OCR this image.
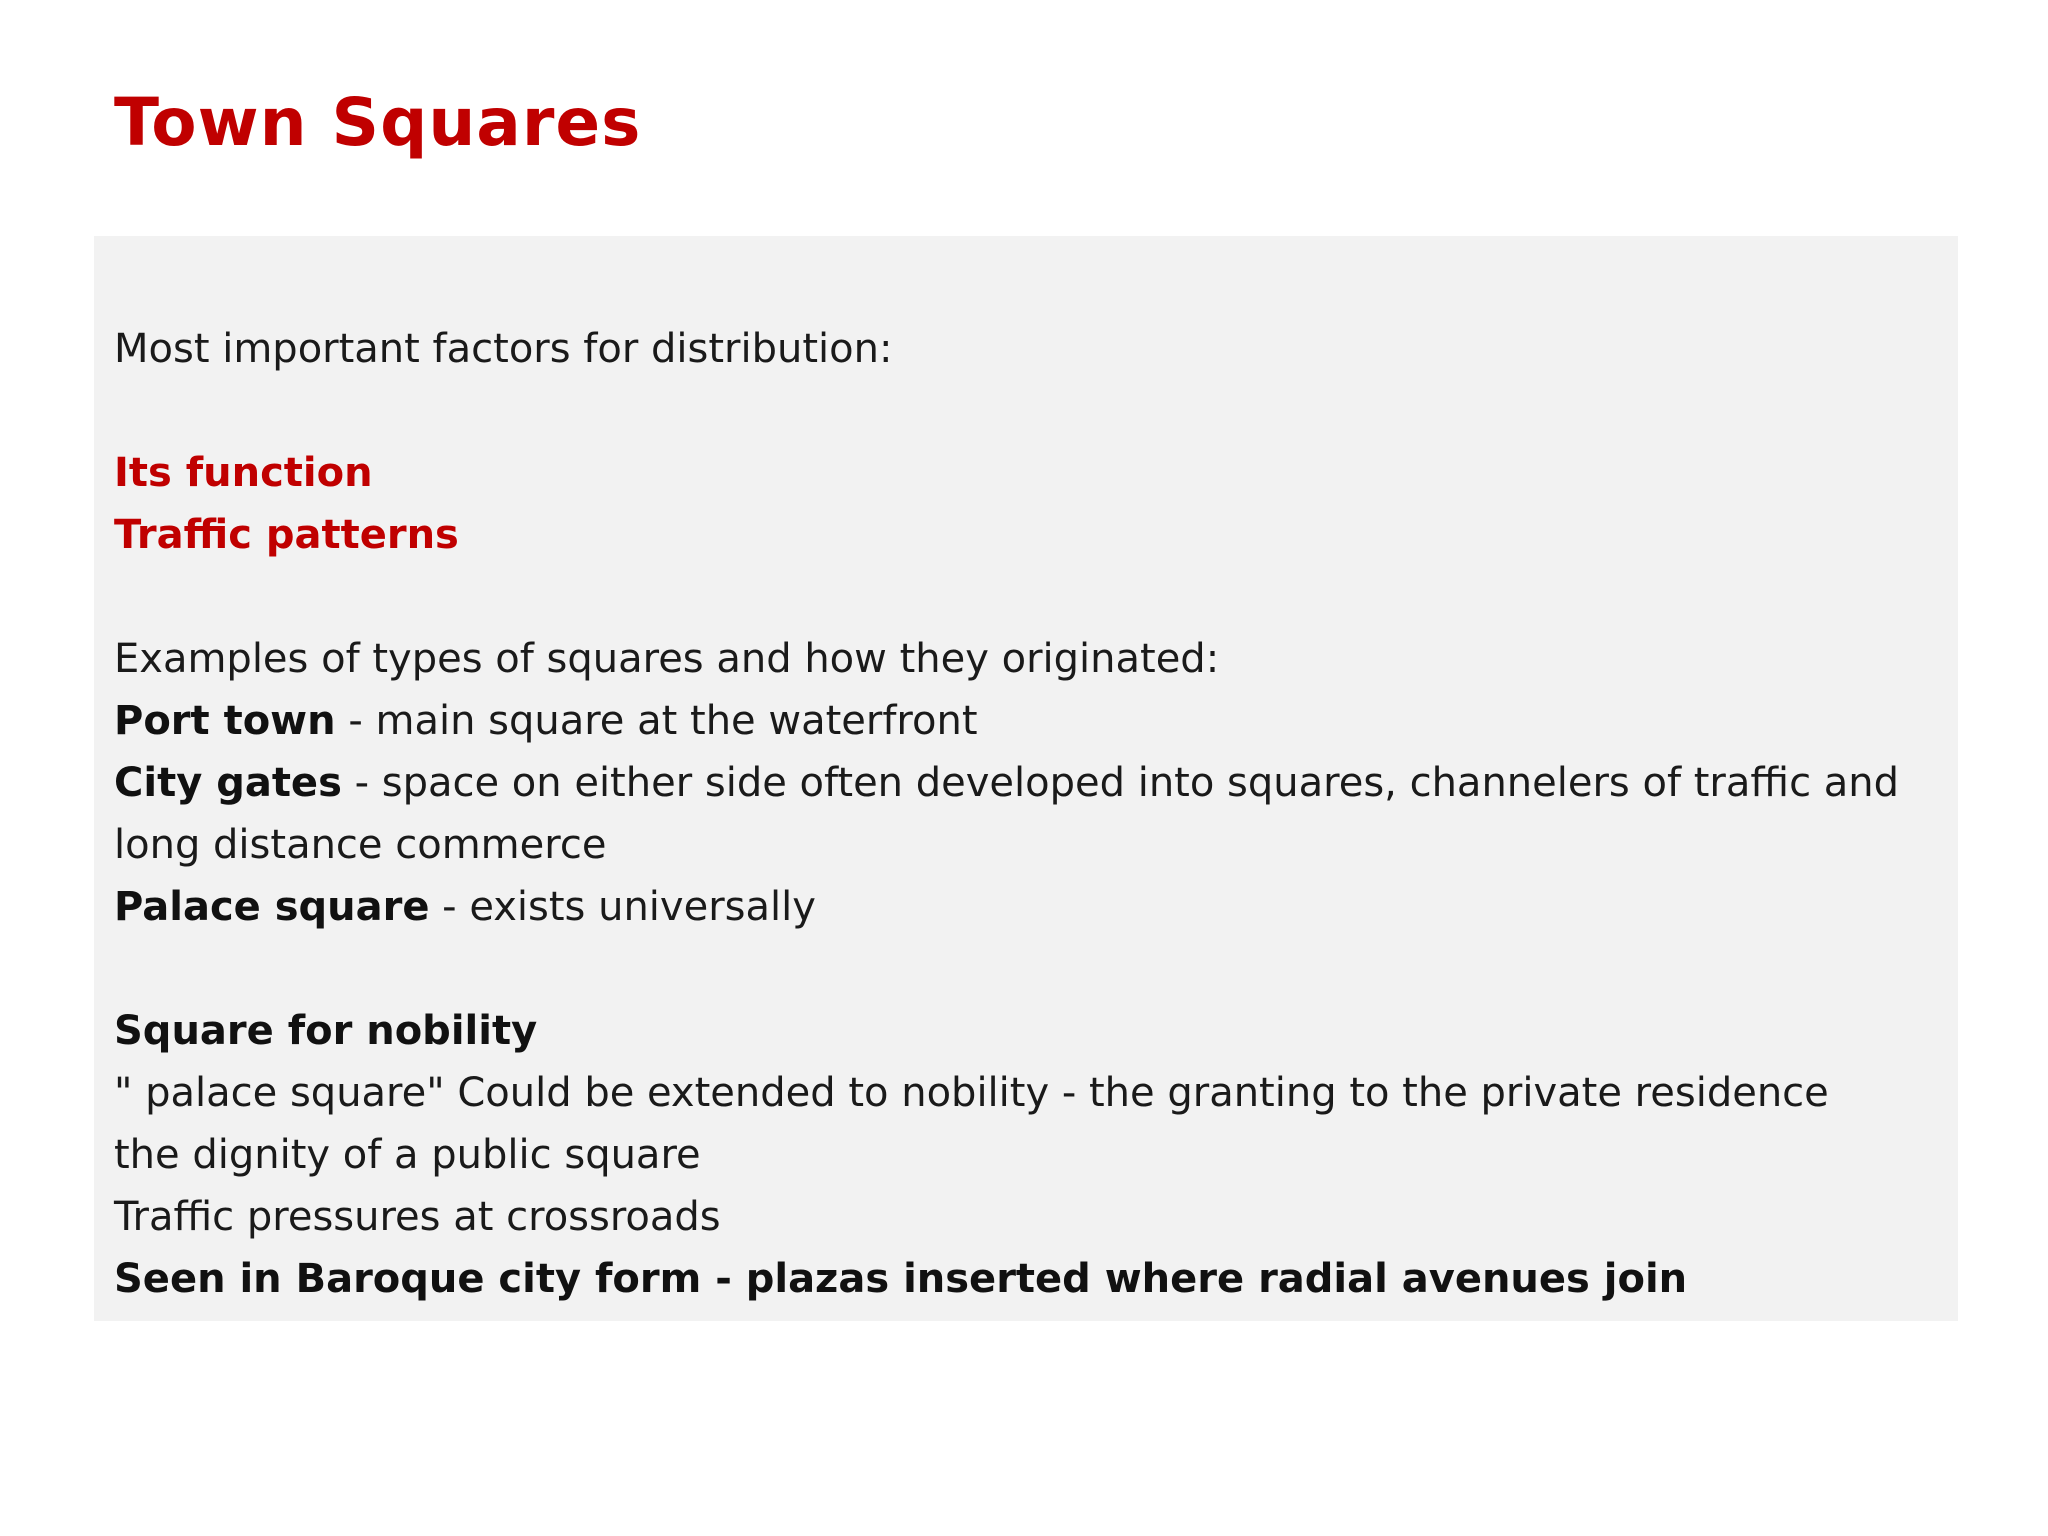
Town Squares
Most important factors for distribution:
Its function
Traffic patterns
Examples of types of squares and how they originated:
Port town - main square at the waterfront
City gates - space on either side often developed into squares, channelers of traffic and
long distance commerce
Palace square - exists universally
Square for nobility
" palace square" Could be extended to nobility - the granting to the private residence
the dignity of a public square
Traffic pressures at crossroads
Seen in Baroque city form - plazas inserted where radial avenues join
